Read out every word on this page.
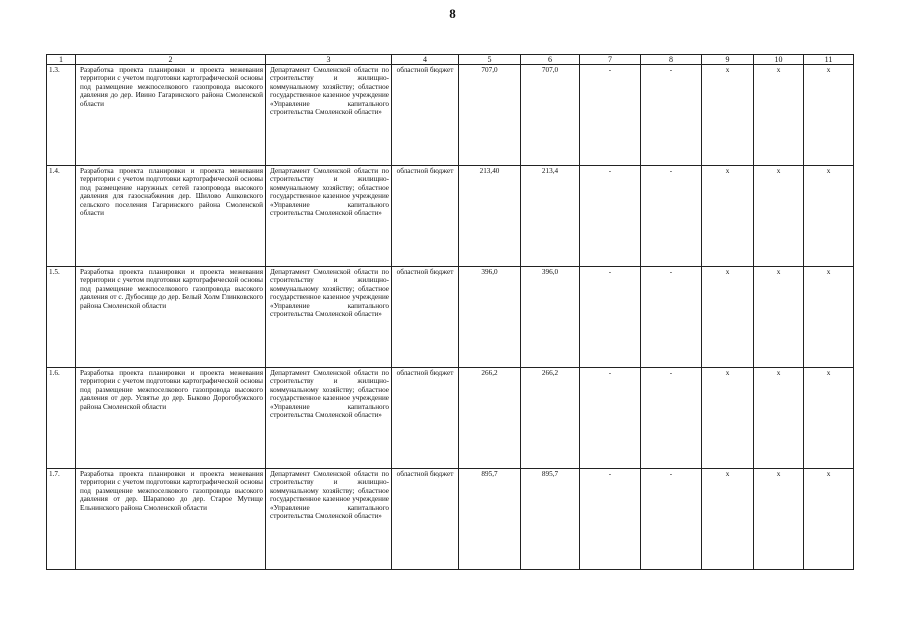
8
1	2	3	4	5	6	7	8	9	10	11
1.3.	Разработка проекта планировки и проекта межевания территории с учетом подготовки картографической основы под размещение межпоселкового газопровода высокого давления до дер. Ивино Гагаринского района Смоленской области	Департамент Смоленской области по строительству и жилищно-коммунальному хозяйству; областное государственное казенное учреждение «Управление капитального строительства Смоленской области»	областной бюджет	707,0	707,0	-	-	х	х	х
1.4.	Разработка проекта планировки и проекта межевания территории с учетом подготовки картографической основы под размещение наружных сетей газопровода высокого давления для газоснабжения дер. Шилово Ашковского сельского поселения Гагаринского района Смоленской области	Департамент Смоленской области по строительству и жилищно-коммунальному хозяйству; областное государственное казенное учреждение «Управление капитального строительства Смоленской области»	областной бюджет	213,40	213,4	-	-	х	х	х
1.5.	Разработка проекта планировки и проекта межевания территории с учетом подготовки картографической основы под размещение межпоселкового газопровода высокого давления от с. Дубосище до дер. Белый Холм Глинковского района Смоленской области	Департамент Смоленской области по строительству и жилищно-коммунальному хозяйству; областное государственное казенное учреждение «Управление капитального строительства Смоленской области»	областной бюджет	396,0	396,0	-	-	х	х	х
1.6.	Разработка проекта планировки и проекта межевания территории с учетом подготовки картографической основы под размещение межпоселкового газопровода высокого давления от дер. Усвятье до дер. Быково Дорогобужского района Смоленской области	Департамент Смоленской области по строительству и жилищно-коммунальному хозяйству; областное государственное казенное учреждение «Управление капитального строительства Смоленской области»	областной бюджет	266,2	266,2	-	-	х	х	х
1.7.	Разработка проекта планировки и проекта межевания территории с учетом подготовки картографической основы под размещение межпоселкового газопровода высокого давления от дер. Шарапово до дер. Старое Мутище Ельнинского района Смоленской области	Департамент Смоленской области по строительству и жилищно-коммунальному хозяйству; областное государственное казенное учреждение «Управление капитального строительства Смоленской области»	областной бюджет	895,7	895,7	-	-	х	х	х
